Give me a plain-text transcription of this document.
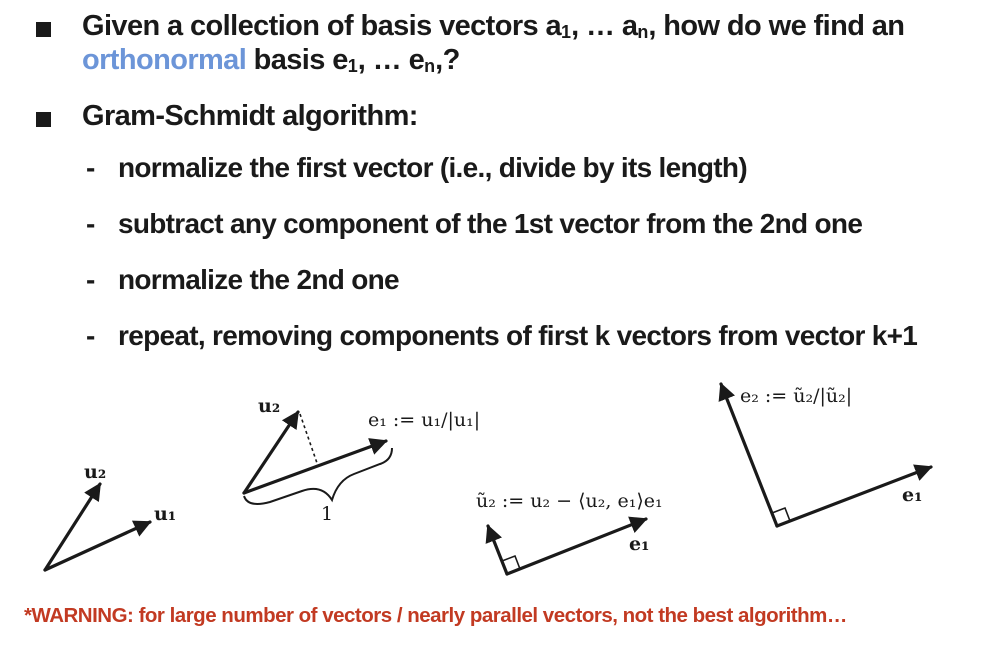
Given a collection of basis vectors a1, … an, how do we find an
orthonormal basis e1, … en,?
Gram-Schmidt algorithm:
- normalize the first vector (i.e., divide by its length)
- subtract any component of the 1st vector from the 2nd one
- normalize the 2nd one
- repeat, removing components of first k vectors from vector k+1
u₂
u₁
u₂
e₁ := u₁/|u₁|
1
ũ₂ := u₂ − ⟨u₂, e₁⟩e₁
e₁
e₂ := ũ₂/|ũ₂|
e₁
*WARNING: for large number of vectors / nearly parallel vectors, not the best algorithm…
